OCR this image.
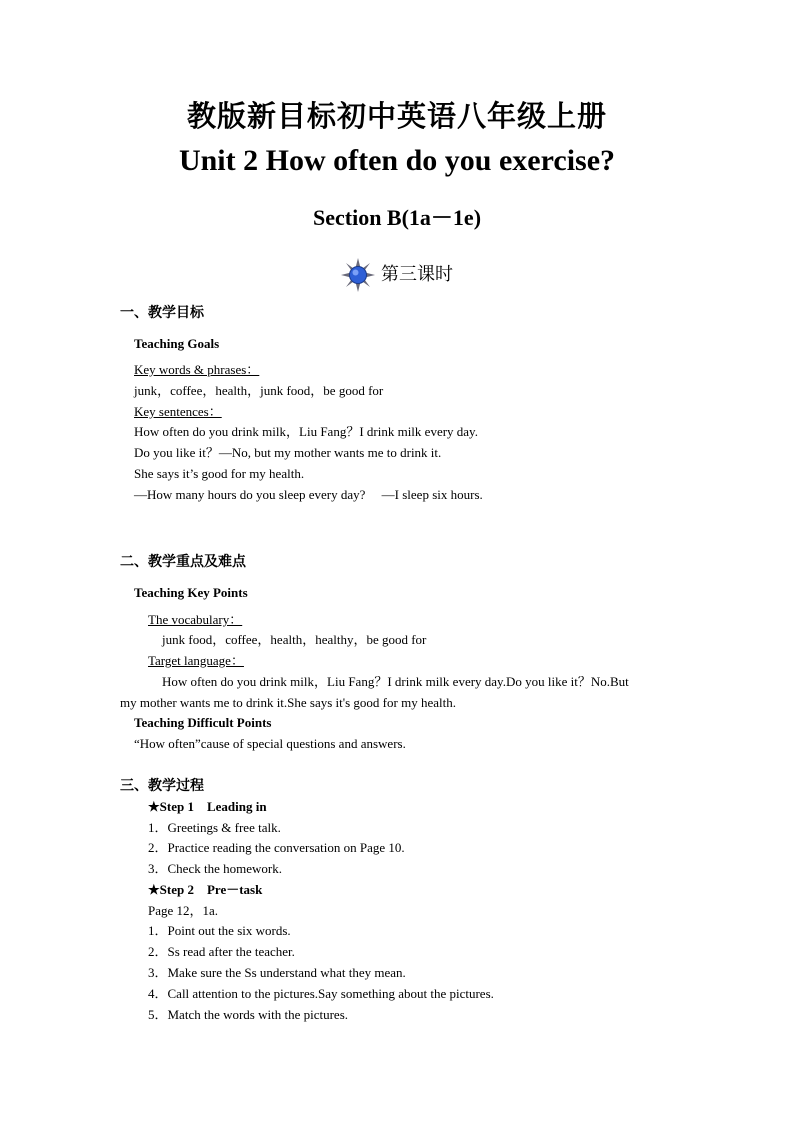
教版新目标初中英语八年级上册
Unit 2 How often do you exercise?
Section B(1a－1e)
第三课时
一、教学目标
Teaching Goals
Key words & phrases：
junk，coffee，health，junk food，be good for
Key sentences：
How often do you drink milk，Liu Fang？I drink milk every day.
Do you like it？—No, but my mother wants me to drink it.
She says it’s good for my health.
—How many hours do you sleep every day?　 —I sleep six hours.
二、教学重点及难点
Teaching Key Points
The vocabulary：
junk food，coffee，health，healthy，be good for
Target language：
How often do you drink milk，Liu Fang？I drink milk every day.Do you like it？No.But
my mother wants me to drink it.She says it's good for my health.
Teaching Difficult Points
“How often”cause of special questions and answers.
三、教学过程
★Step 1　Leading in
1．Greetings & free talk.
2．Practice reading the conversation on Page 10.
3．Check the homework.
★Step 2　Pre－task
Page 12，1a.
1．Point out the six words.
2．Ss read after the teacher.
3．Make sure the Ss understand what they mean.
4．Call attention to the pictures.Say something about the pictures.
5．Match the words with the pictures.
